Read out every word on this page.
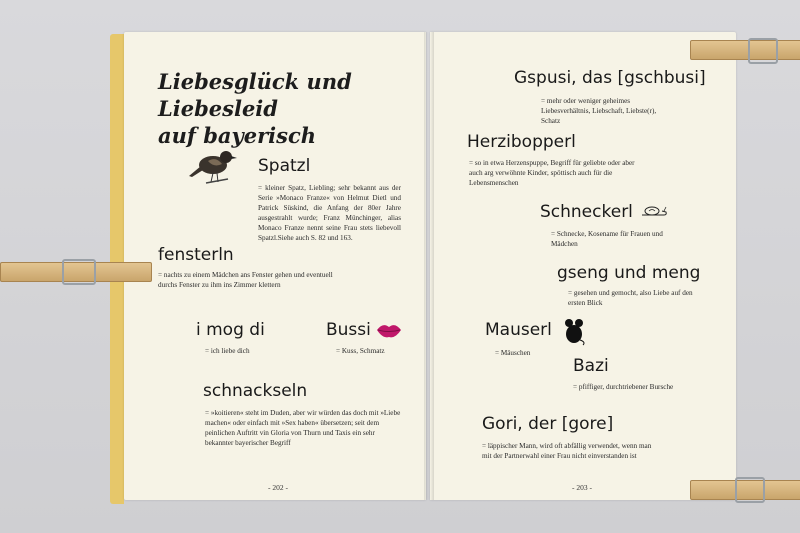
Liebesglück und Liebesleid
auf bayerisch
Spatzl
= kleiner Spatz, Liebling; sehr bekannt aus der Serie »Monaco Franze« von Helmut Dietl und Patrick Süskind, die Anfang der 80er Jahre ausgestrahlt wurde; Franz Münchinger, alias Monaco Franze nennt seine Frau stets liebevoll Spatzl.Siehe auch S. 82 und 163.
fensterln
= nachts zu einem Mädchen ans Fenster gehen und eventuell durchs Fenster zu ihm ins Zimmer klettern
i mog di
= ich liebe dich
Bussi
= Kuss, Schmatz
schnackseln
= »koitieren« steht im Duden, aber wir würden das doch mit »Liebe machen« oder einfach mit »Sex haben« übersetzen; seit dem peinlichen Auftritt vin Gloria von Thurn und Taxis ein sehr bekannter bayerischer Begriff
- 202 -
Gspusi, das [gschbusi]
= mehr oder weniger geheimes Liebesverhältnis, Liebschaft, Liebste(r), Schatz
Herzibopperl
= so in etwa Herzenspuppe, Begriff für geliebte oder aber auch arg verwöhnte Kinder, spöttisch auch für die Lebensmenschen
Schneckerl
= Schnecke, Kosename für Frauen und Mädchen
gseng und meng
= gesehen und gemocht, also Liebe auf den ersten Blick
Mauserl
= Mäuschen
Bazi
= pfiffiger, durchtriebener Bursche
Gori, der [gore]
= läppischer Mann, wird oft abfällig verwendet, wenn man mit der Partnerwahl einer Frau nicht einverstanden ist
- 203 -
